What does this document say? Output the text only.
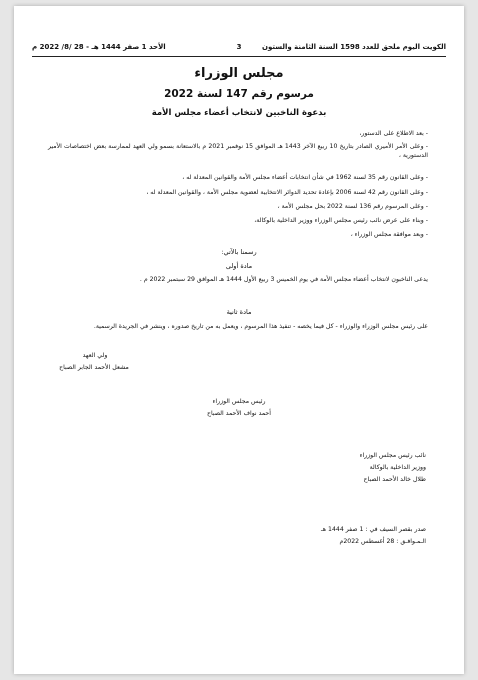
الكويت اليوم ملحق للعدد 1598 السنة الثامنة والستون
3
الأحد 1 صفر 1444 هـ - 28 /8/ 2022 م
مجلس الوزراء
مرسوم رقم 147 لسنة 2022
بدعوة الناخبين لانتخاب أعضاء مجلس الأمة
- بعد الاطلاع على الدستور،
- وعلى الأمر الأميري الصادر بتاريخ 10 ربيع الآخر 1443 هـ الموافق 15 نوفمبر 2021 م بالاستعانة بسمو ولي العهد لممارسة بعض اختصاصات الأمير الدستورية ،
- وعلى القانون رقم 35 لسنة 1962 في شأن انتخابات أعضاء مجلس الأمة والقوانين المعدلة له ،
- وعلى القانون رقم 42 لسنة 2006 بإعادة تحديد الدوائر الانتخابية لعضوية مجلس الأمة ، والقوانين المعدلة له ،
- وعلى المرسوم رقم 136 لسنة 2022 بحل مجلس الأمة ،
- وبناء على عرض نائب رئيس مجلس الوزراء ووزير الداخلية بالوكالة،
- وبعد موافقة مجلس الوزراء ،
رسمنا بالآتي:
مادة أولى
يدعى الناخبون لانتخاب أعضاء مجلس الأمة في يوم الخميس 3 ربيع الأول 1444 هـ الموافق 29 سبتمبر 2022 م .
مادة ثانية
على رئيس مجلس الوزراء والوزراء - كل فيما يخصه - تنفيذ هذا المرسوم ، ويعمل به من تاريخ صدوره ، وينشر في الجريدة الرسمية.
ولي العهد
مشعل الأحمد الجابر الصباح
رئيس مجلس الوزراء
أحمد نواف الأحمد الصباح
نائب رئيس مجلس الوزراء
ووزير الداخلية بالوكالة
طلال خالد الأحمد الصباح
صدر بقصر السيف في : 1 صفر 1444 هـ
الـمـوافـق : 28 أغسطس 2022م
